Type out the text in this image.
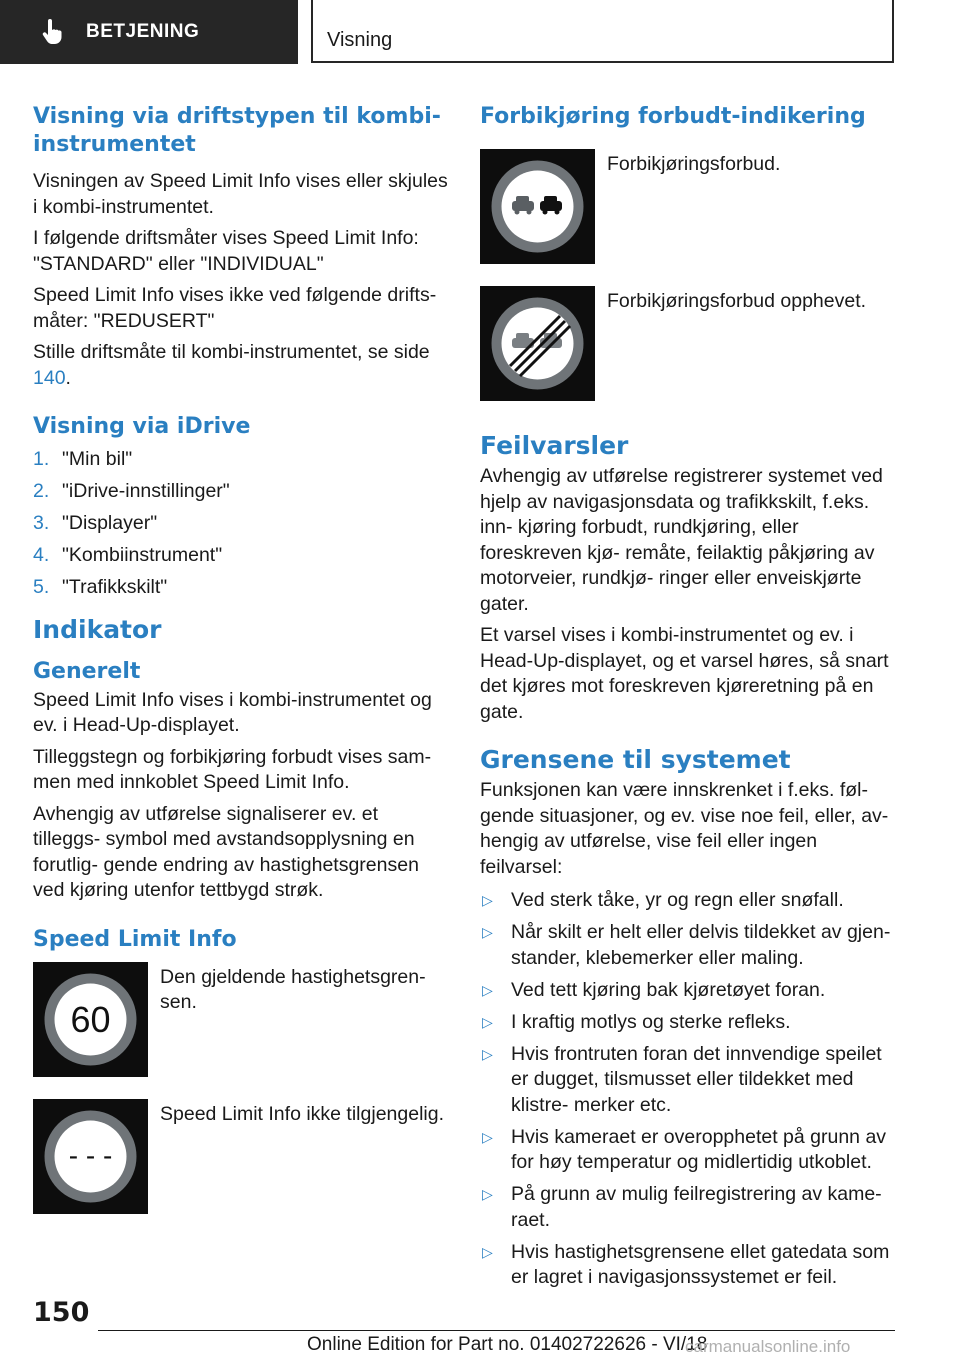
BETJENING	Visning
Visning via driftstypen til kombi‐
instrumentet

Visningen av Speed Limit Info vises eller skjules i kombi-instrumentet.

I følgende driftsmåter vises Speed Limit Info: "STANDARD" eller "INDIVIDUAL"

Speed Limit Info vises ikke ved følgende drifts‐ måter: "REDUSERT"

Stille driftsmåte til kombi-instrumentet, se side 140.

Visning via iDrive
1. "Min bil"
2. "iDrive-innstillinger"
3. "Displayer"
4. "Kombiinstrument"
5. "Trafikkskilt"
Indikator
Generelt

Speed Limit Info vises i kombi-instrumentet og ev. i Head-Up-displayet.

Tilleggstegn og forbikjøring forbudt vises sam‐ men med innkoblet Speed Limit Info.

Avhengig av utførelse signaliserer ev. et tilleggs‐ symbol med avstandsopplysning en forutlig‐ gende endring av hastighetsgrensen ved kjøring utenfor tettbygd strøk.

Speed Limit Info
60

Den gjeldende hastighetsgren‐ sen.

- - -

Speed Limit Info ikke tilgjengelig.

Forbikjøring forbudt-indikering

Forbikjøringsforbud.

Forbikjøringsforbud opphevet.

Feilvarsler

Avhengig av utførelse registrerer systemet ved hjelp av navigasjonsdata og trafikkskilt, f.eks. inn‐ kjøring forbudt, rundkjøring, eller foreskreven kjø‐ remåte, feilaktig påkjøring av motorveier, rundkjø‐ ringer eller enveiskjørte gater.

Et varsel vises i kombi-instrumentet og ev. i Head-Up-displayet, og et varsel høres, så snart det kjøres mot foreskreven kjøreretning på en gate.

Grensene til systemet

Funksjonen kan være innskrenket i f.eks. føl‐ gende situasjoner, og ev. vise noe feil, eller, av‐ hengig av utførelse, vise feil eller ingen feilvarsel:

▷ Ved sterk tåke, yr og regn eller snøfall.
▷ Når skilt er helt eller delvis tildekket av gjen‐ stander, klebemerker eller maling.
▷ Ved tett kjøring bak kjøretøyet foran.
▷ I kraftig motlys og sterke refleks.
▷ Hvis frontruten foran det innvendige speilet er dugget, tilsmusset eller tildekket med klistre‐ merker etc.
▷ Hvis kameraet er overopphetet på grunn av for høy temperatur og midlertidig utkoblet.
▷ På grunn av mulig feilregistrering av kame‐ raet.
▷ Hvis hastighetsgrensene ellet gatedata som er lagret i navigasjonssystemet er feil.
150
Online Edition for Part no. 01402722626 - VI/18
carmanualsonline.info
